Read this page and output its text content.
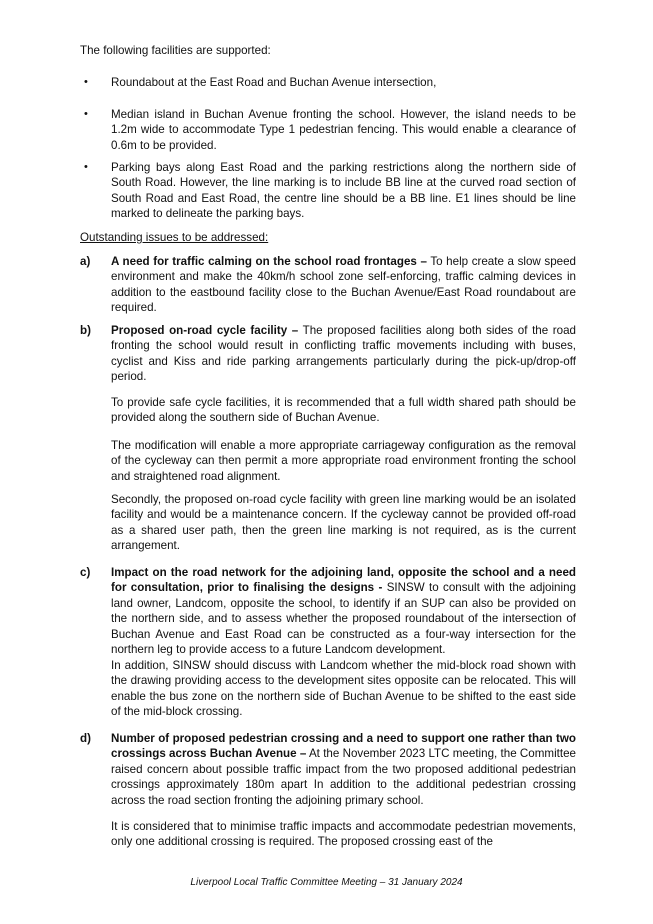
The following facilities are supported:

• Roundabout at the East Road and Buchan Avenue intersection,

• Median island in Buchan Avenue fronting the school. However, the island needs to be 1.2m wide to accommodate Type 1 pedestrian fencing. This would enable a clearance of 0.6m to be provided.

• Parking bays along East Road and the parking restrictions along the northern side of South Road. However, the line marking is to include BB line at the curved road section of South Road and East Road, the centre line should be a BB line. E1 lines should be line marked to delineate the parking bays.

Outstanding issues to be addressed:

a) A need for traffic calming on the school road frontages – To help create a slow speed environment and make the 40km/h school zone self-enforcing, traffic calming devices in addition to the eastbound facility close to the Buchan Avenue/East Road roundabout are required.

b) Proposed on-road cycle facility – The proposed facilities along both sides of the road fronting the school would result in conflicting traffic movements including with buses, cyclist and Kiss and ride parking arrangements particularly during the pick-up/drop-off period.

To provide safe cycle facilities, it is recommended that a full width shared path should be provided along the southern side of Buchan Avenue.

The modification will enable a more appropriate carriageway configuration as the removal of the cycleway can then permit a more appropriate road environment fronting the school and straightened road alignment.

Secondly, the proposed on-road cycle facility with green line marking would be an isolated facility and would be a maintenance concern. If the cycleway cannot be provided off-road as a shared user path, then the green line marking is not required, as is the current arrangement.

c) Impact on the road network for the adjoining land, opposite the school and a need for consultation, prior to finalising the designs - SINSW to consult with the adjoining land owner, Landcom, opposite the school, to identify if an SUP can also be provided on the northern side, and to assess whether the proposed roundabout of the intersection of Buchan Avenue and East Road can be constructed as a four-way intersection for the northern leg to provide access to a future Landcom development.

In addition, SINSW should discuss with Landcom whether the mid-block road shown with the drawing providing access to the development sites opposite can be relocated. This will enable the bus zone on the northern side of Buchan Avenue to be shifted to the east side of the mid-block crossing.

d) Number of proposed pedestrian crossing and a need to support one rather than two crossings across Buchan Avenue – At the November 2023 LTC meeting, the Committee raised concern about possible traffic impact from the two proposed additional pedestrian crossings approximately 180m apart In addition to the additional pedestrian crossing across the road section fronting the adjoining primary school.

It is considered that to minimise traffic impacts and accommodate pedestrian movements, only one additional crossing is required. The proposed crossing east of the

Liverpool Local Traffic Committee Meeting – 31 January 2024
